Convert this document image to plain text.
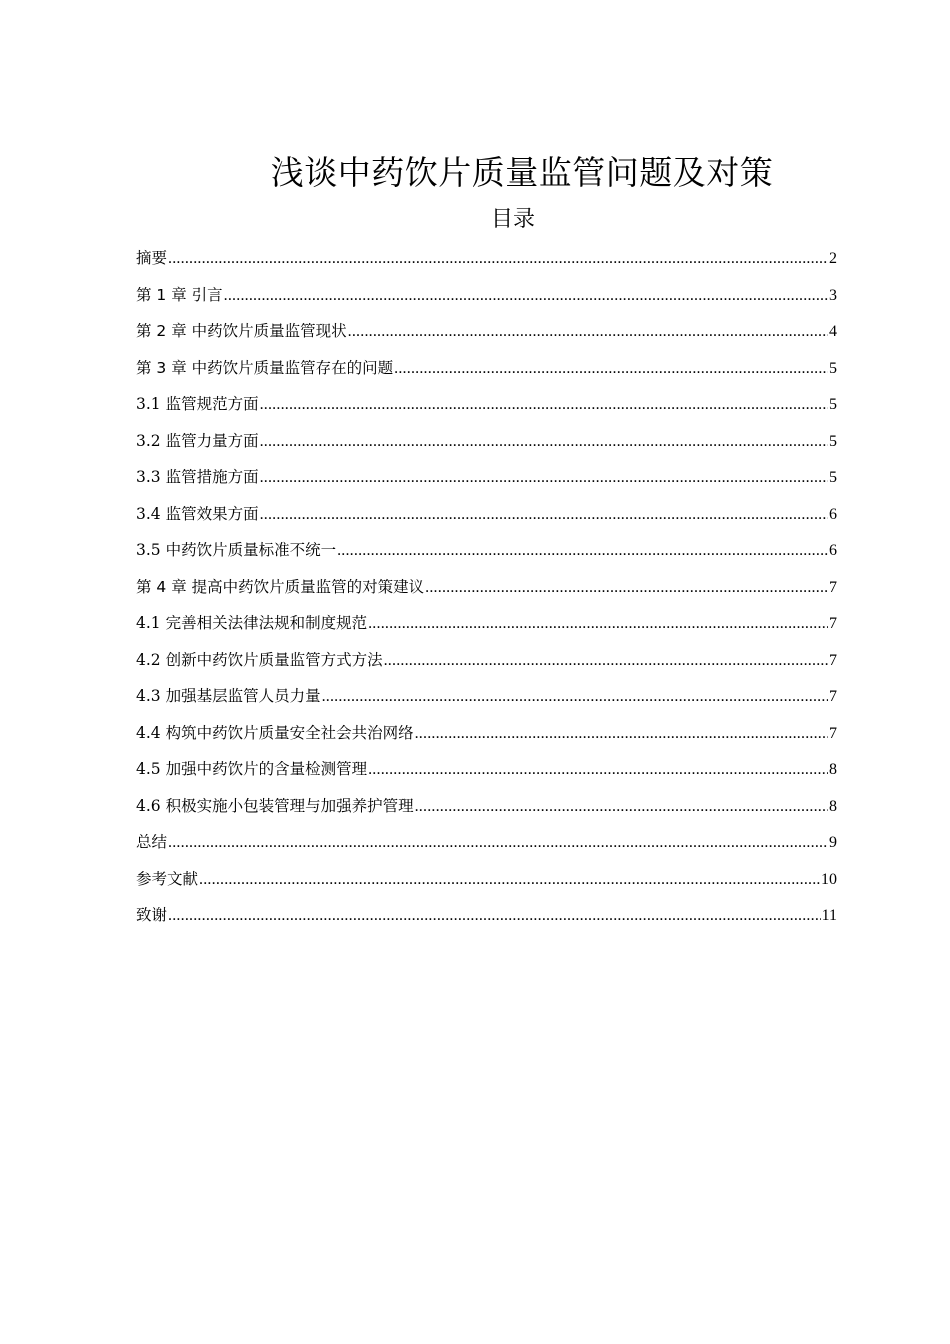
浅谈中药饮片质量监管问题及对策
目录
摘要 .....	2
第 1 章 引言 .....	3
第 2 章 中药饮片质量监管现状 .....	4
第 3 章 中药饮片质量监管存在的问题 .....	5
3.1 监管规范方面 .....	5
3.2 监管力量方面 .....	5
3.3 监管措施方面 .....	5
3.4 监管效果方面 .....	6
3.5 中药饮片质量标准不统一 .....	6
第 4 章 提高中药饮片质量监管的对策建议 .....	7
4.1 完善相关法律法规和制度规范 .....	7
4.2 创新中药饮片质量监管方式方法 .....	7
4.3 加强基层监管人员力量 .....	7
4.4 构筑中药饮片质量安全社会共治网络 .....	7
4.5 加强中药饮片的含量检测管理 .....	8
4.6 积极实施小包装管理与加强养护管理 .....	8
总结 .....	9
参考文献 .....	10
致谢 .....	11
